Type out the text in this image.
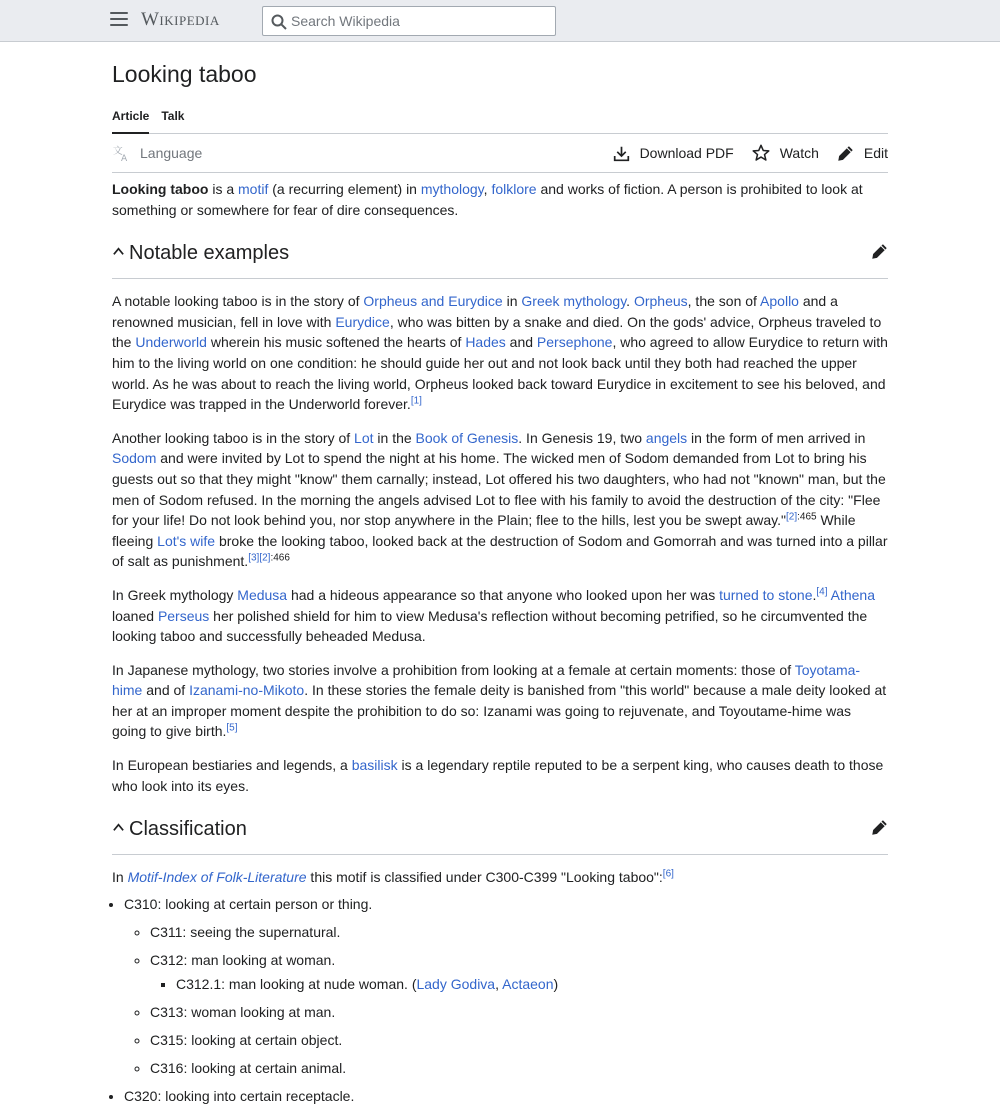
Wikipedia
Search Wikipedia
Looking taboo
Article Talk
文
A Language	Download PDF	Watch	Edit

Looking taboo is a motif (a recurring element) in mythology, folklore and works of fiction. A person is prohibited to look at something or somewhere for fear of dire consequences.

Notable examples

A notable looking taboo is in the story of Orpheus and Eurydice in Greek mythology. Orpheus, the son of Apollo and a renowned musician, fell in love with Eurydice, who was bitten by a snake and died. On the gods' advice, Orpheus traveled to the Underworld wherein his music softened the hearts of Hades and Persephone, who agreed to allow Eurydice to return with him to the living world on one condition: he should guide her out and not look back until they both had reached the upper world. As he was about to reach the living world, Orpheus looked back toward Eurydice in excitement to see his beloved, and Eurydice was trapped in the Underworld forever.[1]

Another looking taboo is in the story of Lot in the Book of Genesis. In Genesis 19, two angels in the form of men arrived in Sodom and were invited by Lot to spend the night at his home. The wicked men of Sodom demanded from Lot to bring his guests out so that they might "know" them carnally; instead, Lot offered his two daughters, who had not "known" man, but the men of Sodom refused. In the morning the angels advised Lot to flee with his family to avoid the destruction of the city: "Flee for your life! Do not look behind you, nor stop anywhere in the Plain; flee to the hills, lest you be swept away."$^{[2]:465}$ While fleeing Lot's wife broke the looking taboo, looked back at the destruction of Sodom and Gomorrah and was turned into a pillar of salt as punishment.$^{[3][2]:466}$

In Greek mythology Medusa had a hideous appearance so that anyone who looked upon her was turned to stone.[4] Athena loaned Perseus her polished shield for him to view Medusa's reflection without becoming petrified, so he circumvented the looking taboo and successfully beheaded Medusa.

In Japanese mythology, two stories involve a prohibition from looking at a female at certain moments: those of Toyotama-hime and of Izanami-no-Mikoto. In these stories the female deity is banished from "this world" because a male deity looked at her at an improper moment despite the prohibition to do so: Izanami was going to rejuvenate, and Toyoutame-hime was going to give birth.[5]

In European bestiaries and legends, a basilisk is a legendary reptile reputed to be a serpent king, who causes death to those who look into its eyes.

Classification

In Motif-Index of Folk-Literature this motif is classified under C300-C399 "Looking taboo":[6]

• C310: looking at certain person or thing.
◦ C311: seeing the supernatural.
◦ C312: man looking at woman.
▪ C312.1: man looking at nude woman. (Lady Godiva, Actaeon)
◦ C313: woman looking at man.
◦ C315: looking at certain object.
◦ C316: looking at certain animal.
• C320: looking into certain receptacle.
